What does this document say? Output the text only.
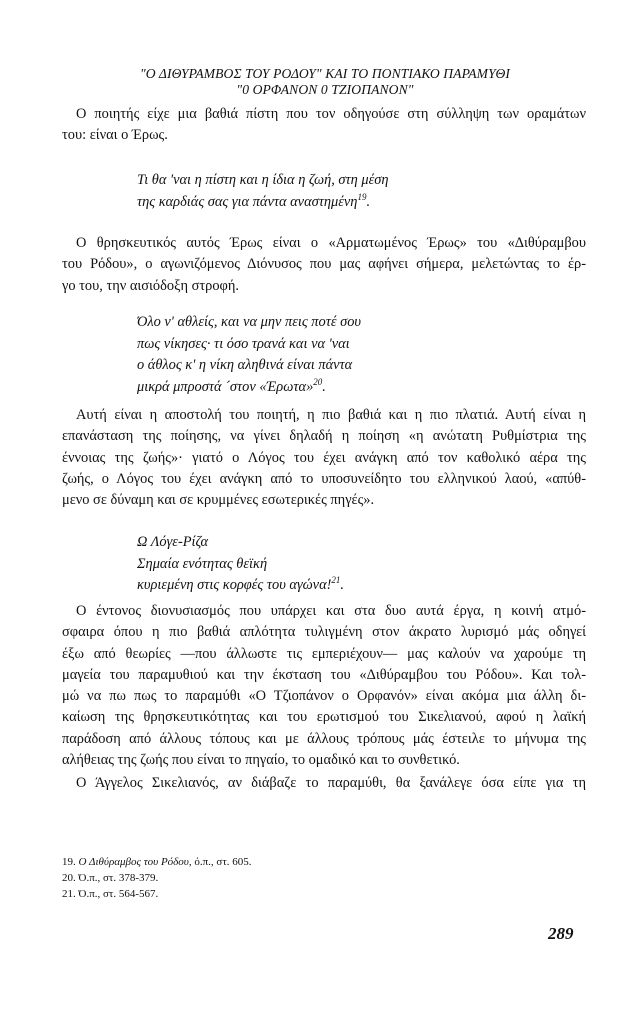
"Ο ΔΙΘΥΡΑΜΒΟΣ ΤΟΥ ΡΟΔΟΥ" ΚΑΙ ΤΟ ΠΟΝΤΙΑΚΟ ΠΑΡΑΜΥΘΙ
"0 ΟΡΦΑΝΟΝ 0 ΤΖΙΟΠΑΝΟΝ"
Ο ποιητής είχε μια βαθιά πίστη που τον οδηγούσε στη σύλληψη των οραμάτων
του: είναι ο Έρως.
Τι θα 'ναι η πίστη και η ίδια η ζωή, στη μέση
της καρδιάς σας για πάντα αναστημένη$^{19}$.
Ο θρησκευτικός αυτός Έρως είναι ο «Αρματωμένος Έρως» του «Διθύραμβου
του Ρόδου», ο αγωνιζόμενος Διόνυσος που μας αφήνει σήμερα, μελετώντας το έρ-
γο του, την αισιόδοξη στροφή.
Όλο ν' αθλείς, και να μην πεις ποτέ σου
πως νίκησες· τι όσο τρανά και να 'ναι
ο άθλος κ' η νίκη αληθινά είναι πάντα
μικρά μπροστά ´στον «Έρωτα»$^{20}$.
Αυτή είναι η αποστολή του ποιητή, η πιο βαθιά και η πιο πλατιά. Αυτή είναι η
επανάσταση της ποίησης, να γίνει δηλαδή η ποίηση «η ανώτατη Ρυθμίστρια της
έννοιας της ζωής»· γιατό ο Λόγος του έχει ανάγκη από τον καθολικό αέρα της
ζωής, ο Λόγος του έχει ανάγκη από το υποσυνείδητο του ελληνικού λαού, «απύθ-
μενο σε δύναμη και σε κρυμμένες εσωτερικές πηγές».
Ω Λόγε-Ρίζα
Σημαία ενότητας θεϊκή
κυριεμένη στις κορφές του αγώνα!$^{21}$.
Ο έντονος διονυσιασμός που υπάρχει και στα δυο αυτά έργα, η κοινή ατμό-
σφαιρα όπου η πιο βαθιά απλότητα τυλιγμένη στον άκρατο λυρισμό μάς οδηγεί
έξω από θεωρίες —που άλλωστε τις εμπεριέχουν— μας καλούν να χαρούμε τη
μαγεία του παραμυθιού και την έκσταση του «Διθύραμβου του Ρόδου». Και τολ-
μώ να πω πως το παραμύθι «Ο Τζιοπάνον ο Ορφανόν» είναι ακόμα μια άλλη δι-
καίωση της θρησκευτικότητας και του ερωτισμού του Σικελιανού, αφού η λαϊκή
παράδοση από άλλους τόπους και με άλλους τρόπους μάς έστειλε το μήνυμα της
αλήθειας της ζωής που είναι το πηγαίο, το ομαδικό και το συνθετικό.
Ο Άγγελος Σικελιανός, αν διάβαζε το παραμύθι, θα ξανάλεγε όσα είπε για τη
19. Ο Διθύραμβος του Ρόδου, ό.π., στ. 605.
20. Ό.π., στ. 378-379.
21. Ό.π., στ. 564-567.
289
